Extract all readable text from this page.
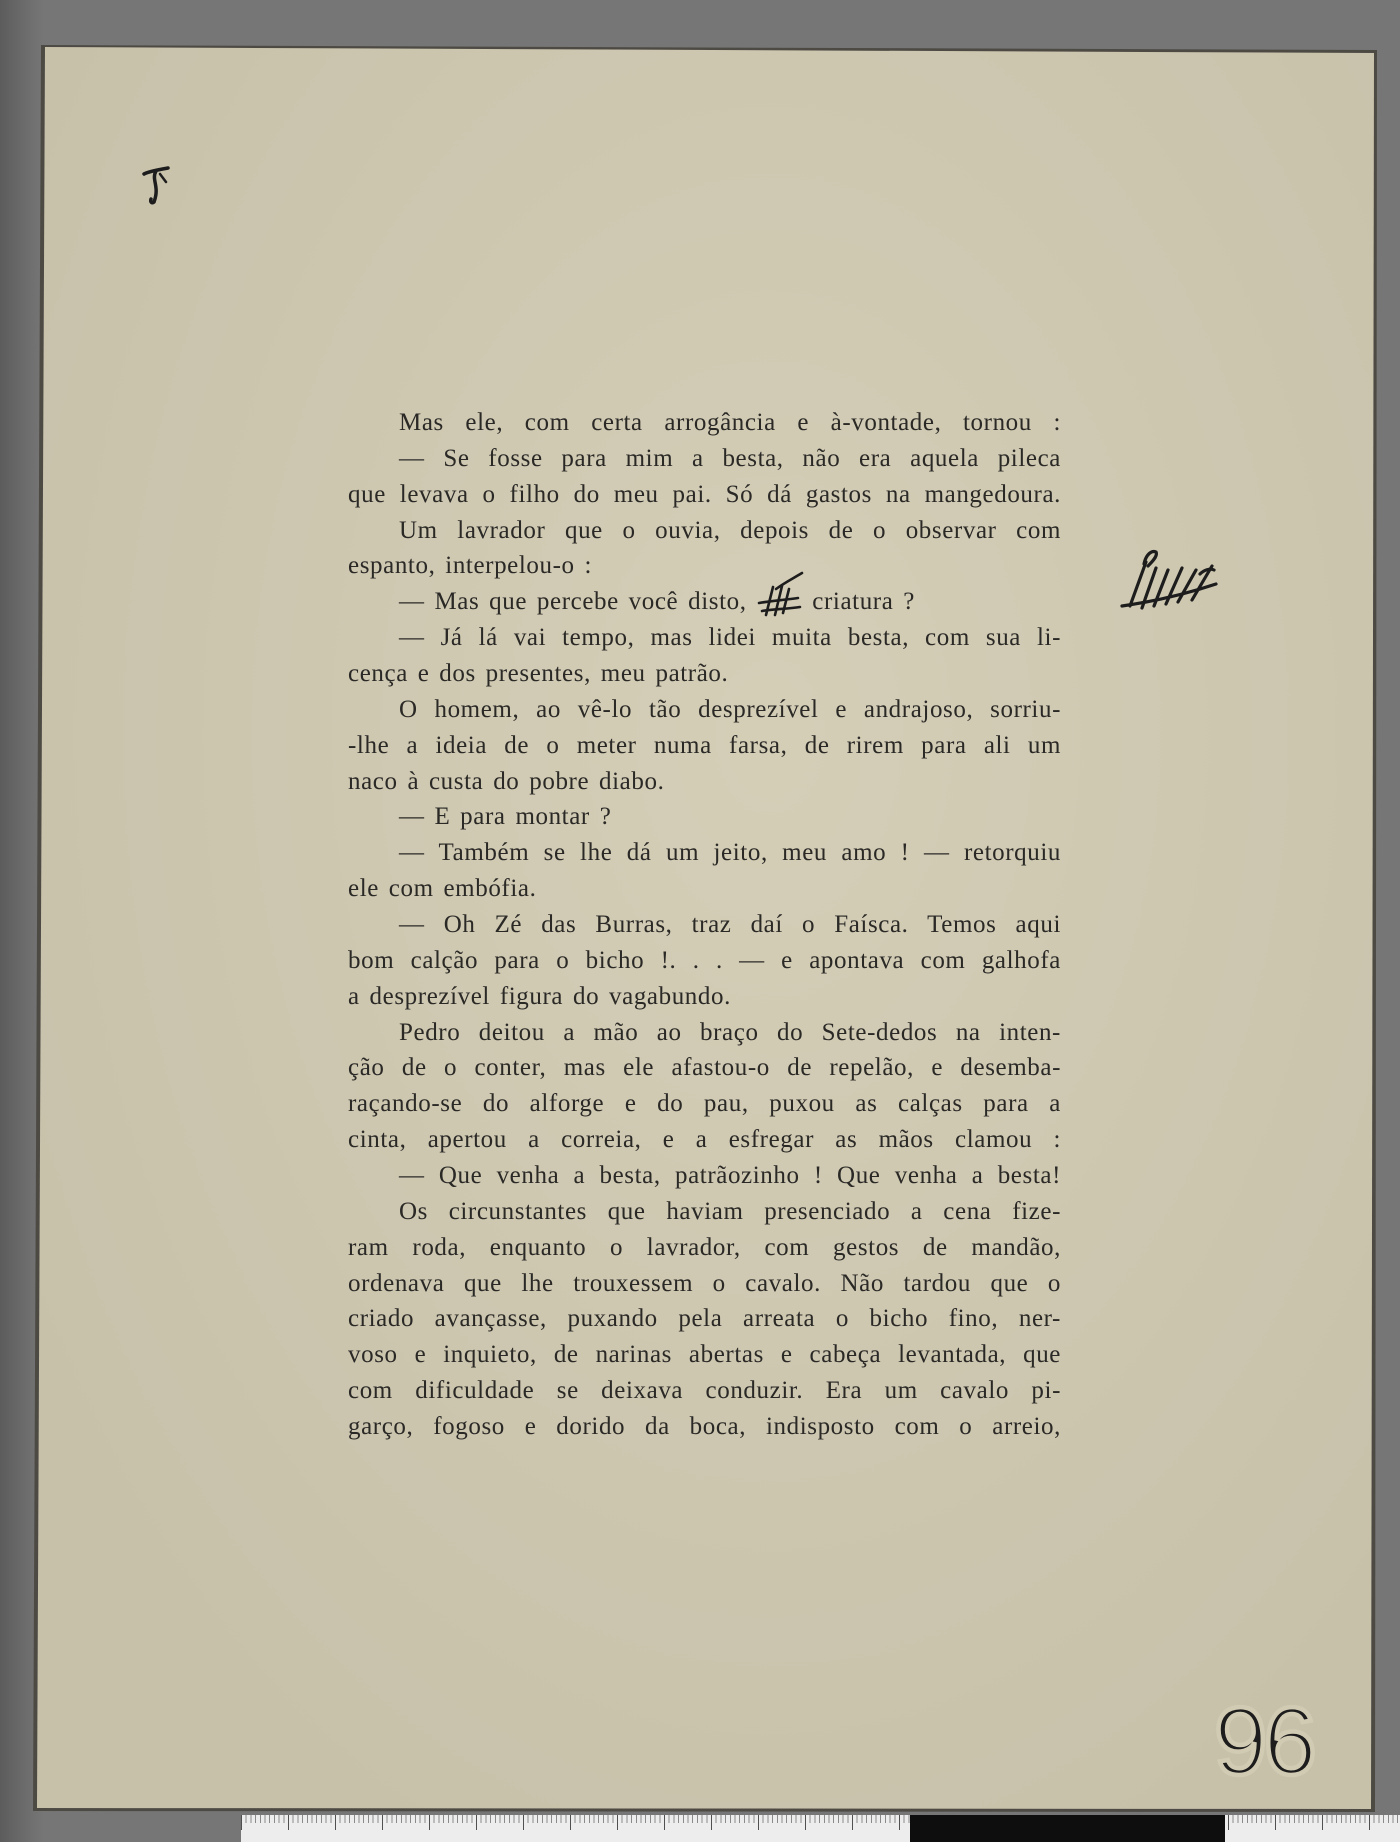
Mas ele, com certa arrogância e à-vontade, tornou :
— Se fosse para mim a besta, não era aquela pileca
que levava o filho do meu pai. Só dá gastos na mangedoura.
Um lavrador que o ouvia, depois de o observar com
espanto, interpelou-o :
— Mas que percebe você disto,	criatura ?
— Já lá vai tempo, mas lidei muita besta, com sua li-
cença e dos presentes, meu patrão.
O homem, ao vê-lo tão desprezível e andrajoso, sorriu-
-lhe a ideia de o meter numa farsa, de rirem para ali um
naco à custa do pobre diabo.
— E para montar ?
— Também se lhe dá um jeito, meu amo ! — retorquiu
ele com embófia.
— Oh Zé das Burras, traz daí o Faísca. Temos aqui
bom calção para o bicho !. . . — e apontava com galhofa
a desprezível figura do vagabundo.
Pedro deitou a mão ao braço do Sete-dedos na inten-
ção de o conter, mas ele afastou-o de repelão, e desemba-
raçando-se do alforge e do pau, puxou as calças para a
cinta, apertou a correia, e a esfregar as mãos clamou :
— Que venha a besta, patrãozinho ! Que venha a besta!
Os circunstantes que haviam presenciado a cena fize-
ram roda, enquanto o lavrador, com gestos de mandão,
ordenava que lhe trouxessem o cavalo. Não tardou que o
criado avançasse, puxando pela arreata o bicho fino, ner-
voso e inquieto, de narinas abertas e cabeça levantada, que
com dificuldade se deixava conduzir. Era um cavalo pi-
garço, fogoso e dorido da boca, indisposto com o arreio,
96
